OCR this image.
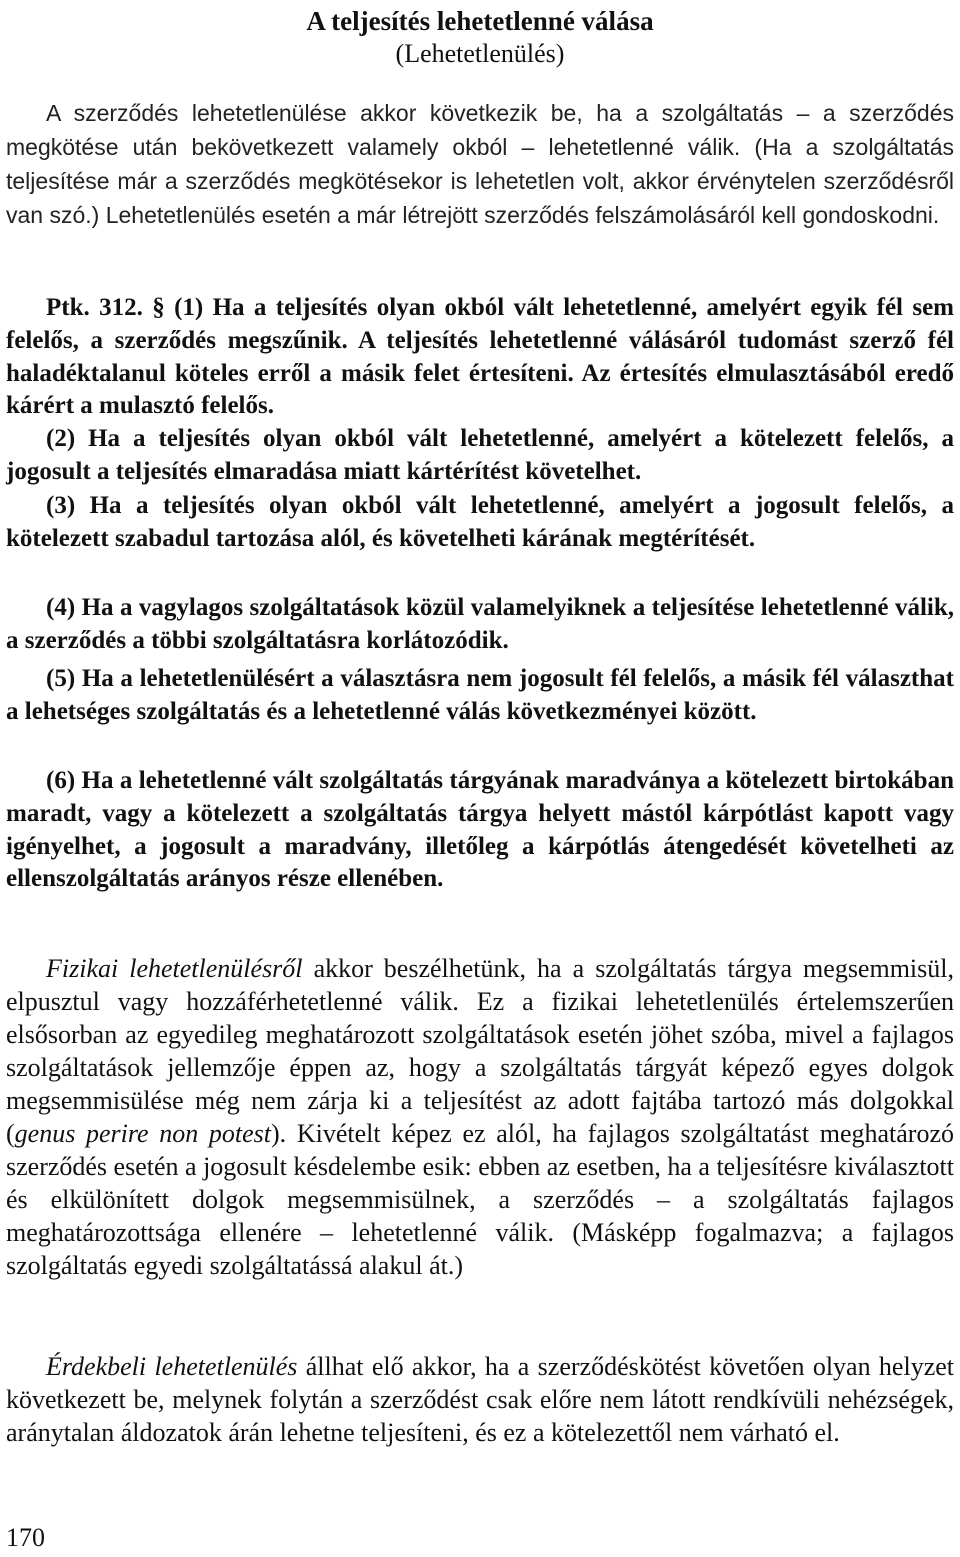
A teljesítés lehetetlenné válása
(Lehetetlenülés)

A szerződés lehetetlenülése akkor következik be, ha a szolgáltatás – a szerződés megkötése után bekövetkezett valamely okból – lehetetlenné válik. (Ha a szolgáltatás teljesítése már a szerződés megkötésekor is lehetetlen volt, akkor érvénytelen szerződésről van szó.) Lehetetlenülés esetén a már létrejött szerződés felszámolásáról kell gondoskodni.

Ptk. 312. § (1) Ha a teljesítés olyan okból vált lehetetlenné, amelyért egyik fél sem felelős, a szerződés megszűnik. A teljesítés lehetetlenné válásáról tudomást szerző fél haladéktalanul köteles erről a másik felet értesíteni. Az értesítés elmulasztásából eredő kárért a mulasztó felelős.

(2) Ha a teljesítés olyan okból vált lehetetlenné, amelyért a kötelezett felelős, a jogosult a teljesítés elmaradása miatt kártérítést követelhet.

(3) Ha a teljesítés olyan okból vált lehetetlenné, amelyért a jogosult felelős, a kötelezett szabadul tartozása alól, és követelheti kárának megtérítését.

(4) Ha a vagylagos szolgáltatások közül valamelyiknek a teljesítése lehetetlenné válik, a szerződés a többi szolgáltatásra korlátozódik.

(5) Ha a lehetetlenülésért a választásra nem jogosult fél felelős, a másik fél választhat a lehetséges szolgáltatás és a lehetetlenné válás következményei között.

(6) Ha a lehetetlenné vált szolgáltatás tárgyának maradványa a kötelezett birtokában maradt, vagy a kötelezett a szolgáltatás tárgya helyett mástól kárpótlást kapott vagy igényelhet, a jogosult a maradvány, illetőleg a kárpótlás átengedését követelheti az ellenszolgáltatás arányos része ellenében.

Fizikai lehetetlenülésről akkor beszélhetünk, ha a szolgáltatás tárgya megsemmisül, elpusztul vagy hozzáférhetetlenné válik. Ez a fizikai lehetetlenülés értelemszerűen elsősorban az egyedileg meghatározott szolgáltatások esetén jöhet szóba, mivel a fajlagos szolgáltatások jellemzője éppen az, hogy a szolgáltatás tárgyát képező egyes dolgok megsemmisülése még nem zárja ki a teljesítést az adott fajtába tartozó más dolgokkal (genus perire non potest). Kivételt képez ez alól, ha fajlagos szolgáltatást meghatározó szerződés esetén a jogosult késdelembe esik: ebben az esetben, ha a teljesítésre kiválasztott és elkülönített dolgok megsemmisülnek, a szerződés – a szolgáltatás fajlagos meghatározottsága ellenére – lehetetlenné válik. (Másképp fogalmazva; a fajlagos szolgáltatás egyedi szolgáltatássá alakul át.)

Érdekbeli lehetetlenülés állhat elő akkor, ha a szerződéskötést követően olyan helyzet következett be, melynek folytán a szerződést csak előre nem látott rendkívüli nehézségek, aránytalan áldozatok árán lehetne teljesíteni, és ez a kötelezettől nem várható el.

170
